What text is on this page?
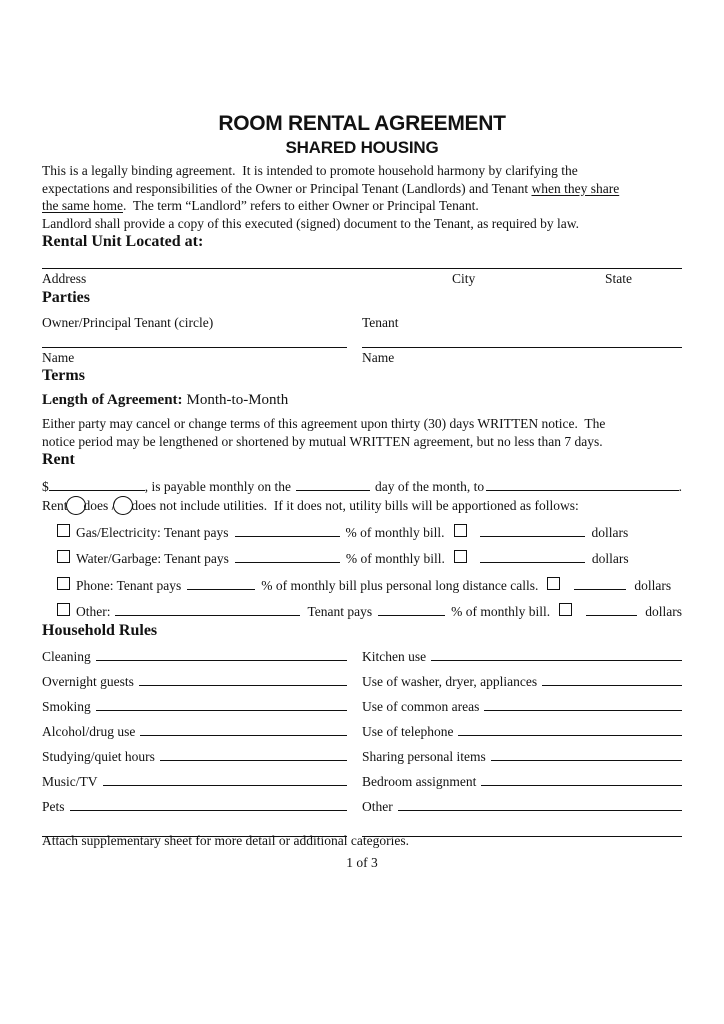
ROOM RENTAL AGREEMENT
SHARED HOUSING

This is a legally binding agreement.  It is intended to promote household harmony by clarifying the
expectations and responsibilities of the Owner or Principal Tenant (Landlords) and Tenant when they share
the same home.  The term “Landlord” refers to either Owner or Principal Tenant.
Landlord shall provide a copy of this executed (signed) document to the Tenant, as required by law.

Rental Unit Located at:
Address	City	State
Parties
Owner/Principal Tenant (circle)	Tenant
Name	Name
Terms
Length of Agreement: Month-to-Month

Either party may cancel or change terms of this agreement upon thirty (30) days WRITTEN notice.  The
notice period may be lengthened or shortened by mutual WRITTEN agreement, but no less than 7 days.

Rent
$	, is payable monthly on the	day of the month, to	.
Rent does / does not include utilities.  If it does not, utility bills will be apportioned as follows:
Gas/Electricity: Tenant pays	% of monthly bill.	dollars
Water/Garbage: Tenant pays	% of monthly bill.	dollars
Phone: Tenant pays	% of monthly bill plus personal long distance calls.	dollars
Other:	Tenant pays	% of monthly bill.	dollars
Household Rules
Cleaning	Kitchen use
Overnight guests	Use of washer, dryer, appliances
Smoking	Use of common areas
Alcohol/drug use	Use of telephone
Studying/quiet hours	Sharing personal items
Music/TV	Bedroom assignment
Pets	Other
Attach supplementary sheet for more detail or additional categories.
1 of 3
